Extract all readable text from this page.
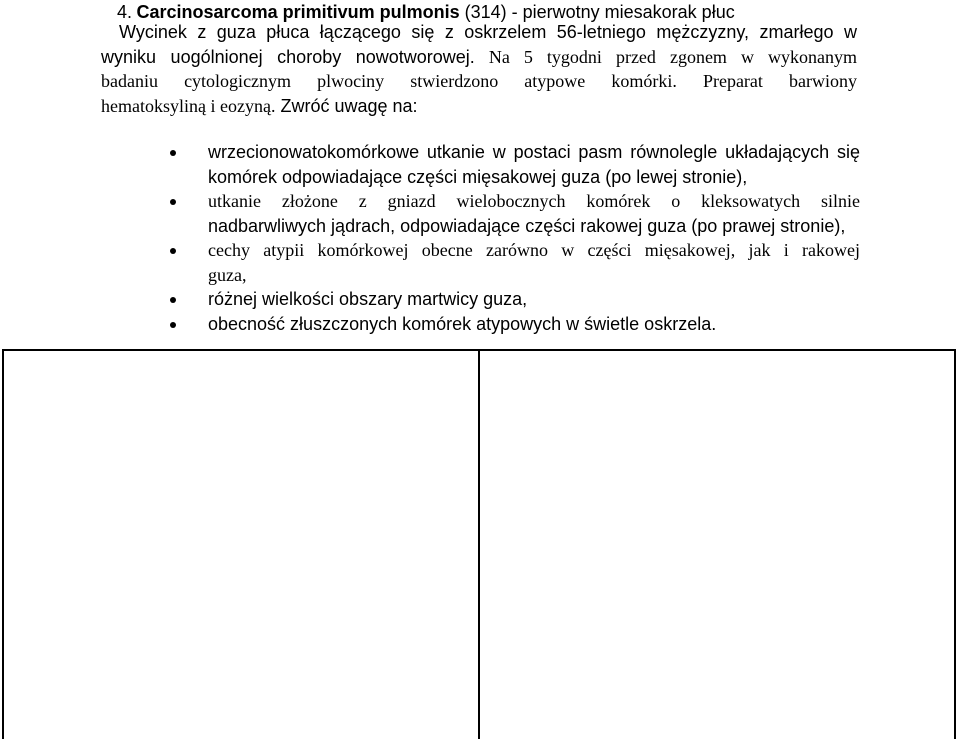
4. Carcinosarcoma primitivum pulmonis (314) - pierwotny miesakorak płuc
Wycinek z guza płuca łączącego się z oskrzelem 56-letniego mężczyzny, zmarłego w
wyniku uogólnionej choroby nowotworowej. Na 5 tygodni przed zgonem w wykonanym
badaniu cytologicznym plwociny stwierdzono atypowe komórki. Preparat barwiony
hematoksyliną i eozyną. Zwróć uwagę na:
wrzecionowatokomórkowe utkanie w postaci pasm równolegle układających się
komórek odpowiadające części mięsakowej guza (po lewej stronie),
utkanie złożone z gniazd wielobocznych komórek o kleksowatych silnie
nadbarwliwych jądrach, odpowiadające części rakowej guza (po prawej stronie),
cechy atypii komórkowej obecne zarówno w części mięsakowej, jak i rakowej
guza,
różnej wielkości obszary martwicy guza,
obecność złuszczonych komórek atypowych w świetle oskrzela.
